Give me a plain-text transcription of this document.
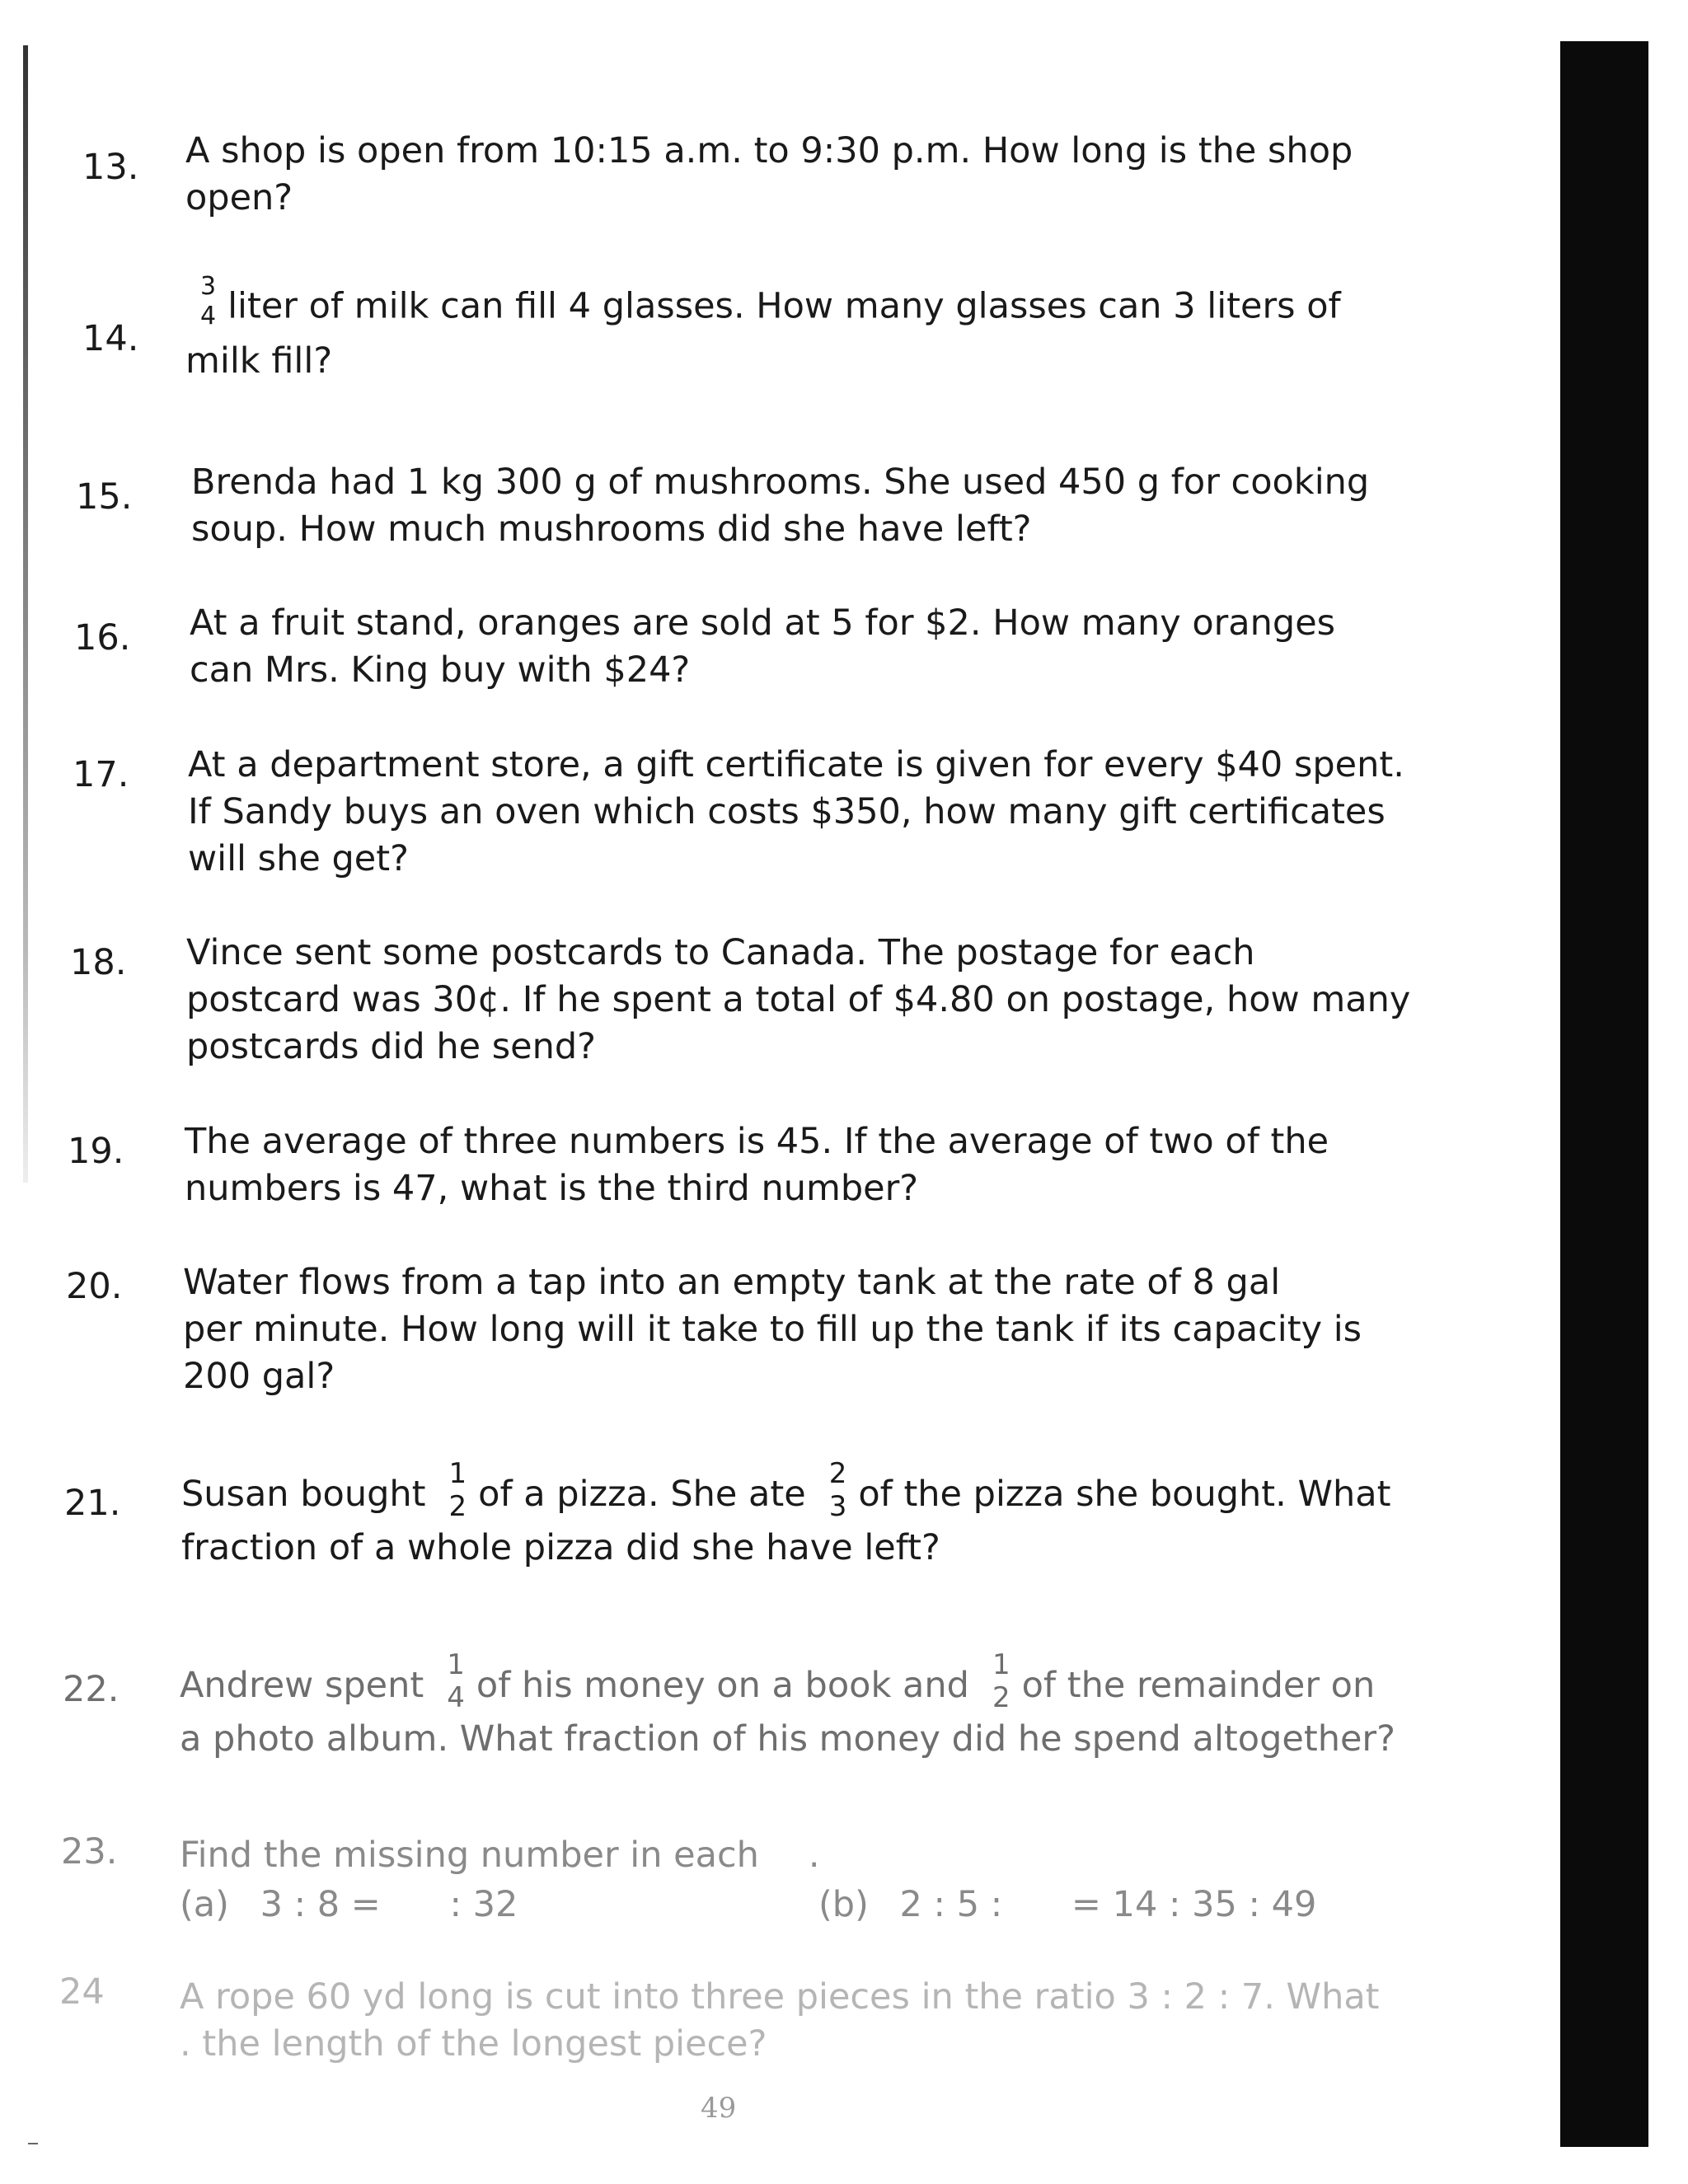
13. A shop is open from 10:15 a.m. to 9:30 p.m. How long is the shop
open?
14.
3
4 liter of milk can fill 4 glasses. How many glasses can 3 liters of
milk fill?
15. Brenda had 1 kg 300 g of mushrooms. She used 450 g for cooking
soup. How much mushrooms did she have left?
16. At a fruit stand, oranges are sold at 5 for $2. How many oranges
can Mrs. King buy with $24?
17. At a department store, a gift certificate is given for every $40 spent.
If Sandy buys an oven which costs $350, how many gift certificates
will she get?
18. Vince sent some postcards to Canada. The postage for each
postcard was 30¢. If he spent a total of $4.80 on postage, how many
postcards did he send?
19. The average of three numbers is 45. If the average of two of the
numbers is 47, what is the third number?
20. Water flows from a tap into an empty tank at the rate of 8 gal
per minute. How long will it take to fill up the tank if its capacity is
200 gal?
21. Susan bought
1
2 of a pizza. She ate
2
3 of the pizza she bought. What
fraction of a whole pizza did she have left?
22. Andrew spent
1
4 of his money on a book and
1
2 of the remainder on
a photo album. What fraction of his money did he spend altogether?
23. Find the missing number in each .
(a) 3 : 8 = : 32	(b) 2 : 5 : = 14 : 35 : 49
24	A rope 60 yd long is cut into three pieces in the ratio 3 : 2 : 7. What
. the length of the longest piece?
49
